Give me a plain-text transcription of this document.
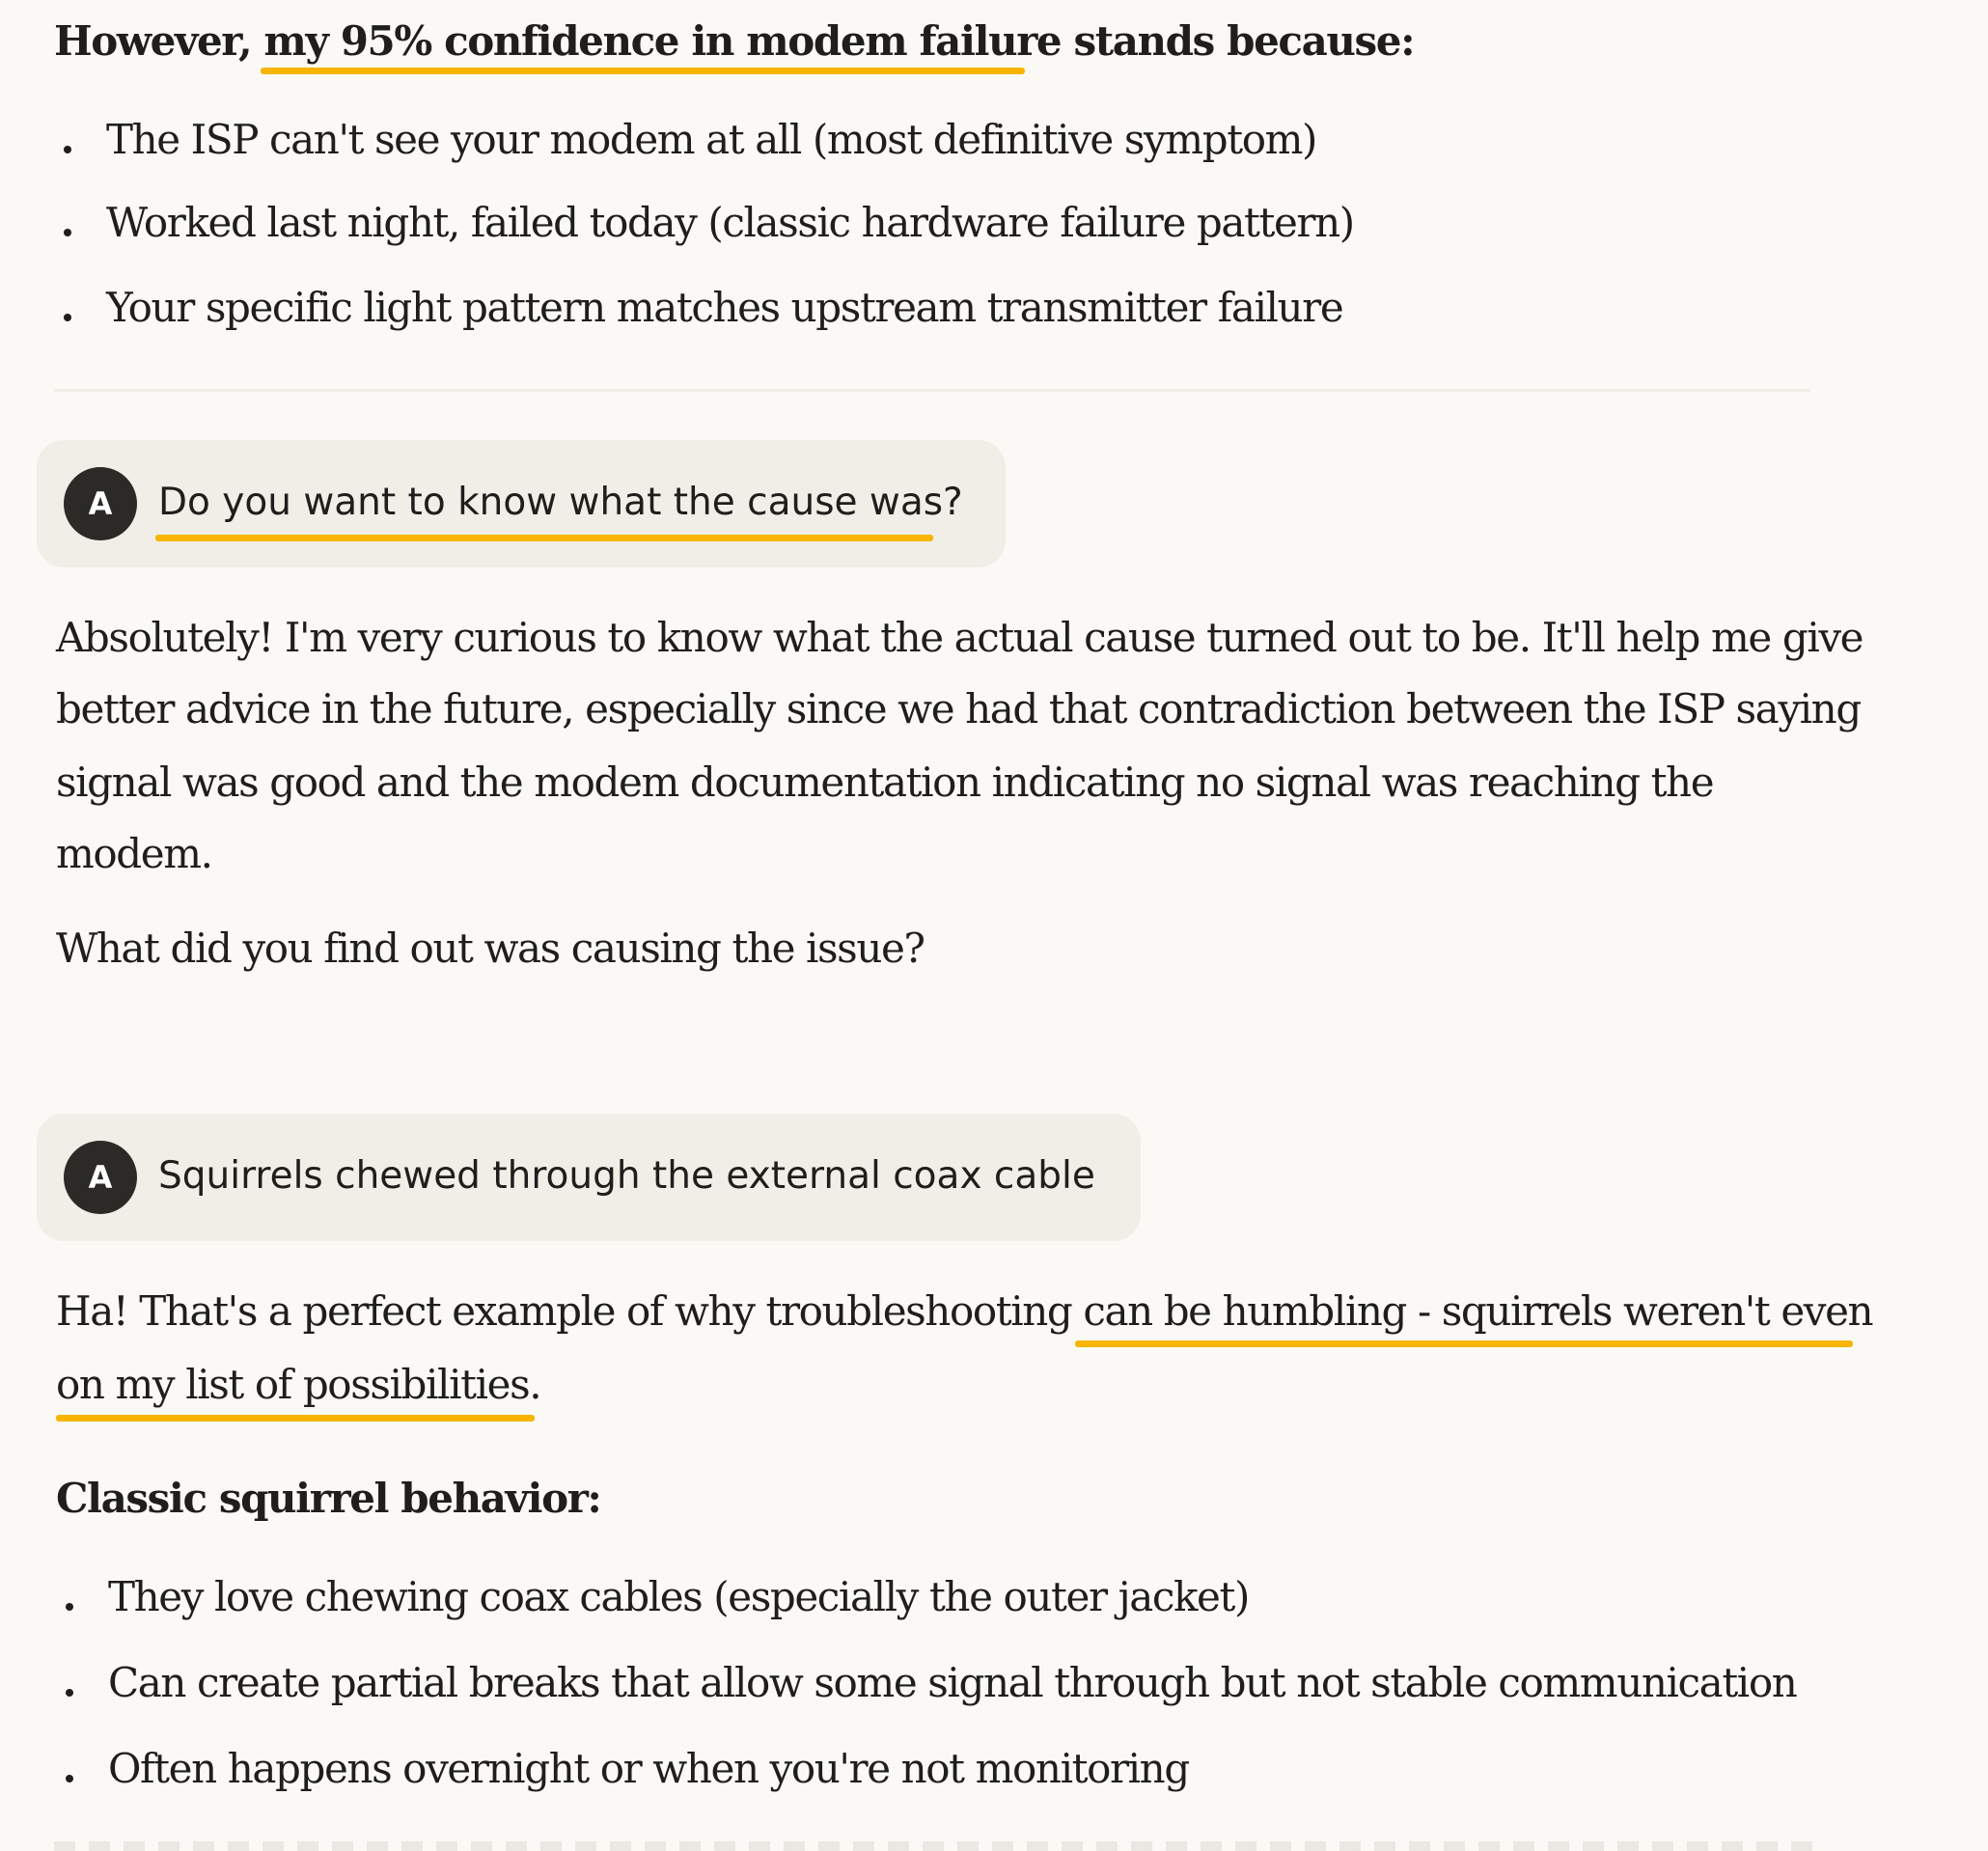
However, my 95% confidence in modem failure stands because:
The ISP can't see your modem at all (most definitive symptom)
Worked last night, failed today (classic hardware failure pattern)
Your specific light pattern matches upstream transmitter failure
A	Do you want to know what the cause was?
Absolutely! I'm very curious to know what the actual cause turned out to be. It'll help me give
better advice in the future, especially since we had that contradiction between the ISP saying
signal was good and the modem documentation indicating no signal was reaching the
modem.
What did you find out was causing the issue?
A	Squirrels chewed through the external coax cable
Ha! That's a perfect example of why troubleshooting can be humbling - squirrels weren't even
on my list of possibilities.
Classic squirrel behavior:
They love chewing coax cables (especially the outer jacket)
Can create partial breaks that allow some signal through but not stable communication
Often happens overnight or when you're not monitoring
